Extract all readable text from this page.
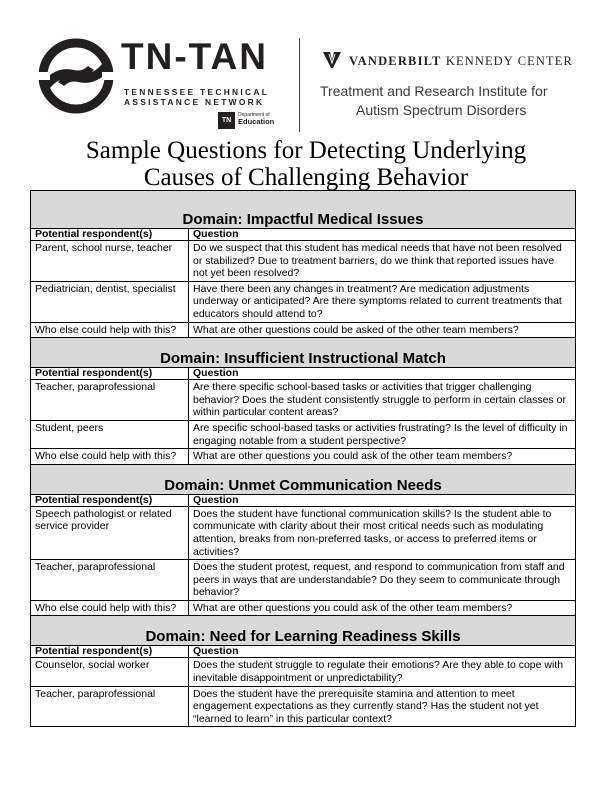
TN-TAN
TENNESSEE TECHNICAL
ASSISTANCE NETWORK
TN
Department of
Education
VANDERBILT KENNEDY CENTER
Treatment and Research Institute for
Autism Spectrum Disorders
Sample Questions for Detecting Underlying
Causes of Challenging Behavior
Domain: Impactful Medical Issues	
Potential respondent(s)	Question
Parent, school nurse, teacher	Do we suspect that this student has medical needs that have not been resolved or stabilized? Due to treatment barriers, do we think that reported issues have not yet been resolved?
Pediatrician, dentist, specialist	Have there been any changes in treatment? Are medication adjustments underway or anticipated? Are there symptoms related to current treatments that educators should attend to?
Who else could help with this?	What are other questions could be asked of the other team members?
Domain: Insufficient Instructional Match	
Potential respondent(s)	Question
Teacher, paraprofessional	Are there specific school-based tasks or activities that trigger challenging behavior? Does the student consistently struggle to perform in certain classes or within particular content areas?
Student, peers	Are specific school-based tasks or activities frustrating? Is the level of difficulty in engaging notable from a student perspective?
Who else could help with this?	What are other questions you could ask of the other team members?
Domain: Unmet Communication Needs	
Potential respondent(s)	Question
Speech pathologist or related service provider	Does the student have functional communication skills? Is the student able to communicate with clarity about their most critical needs such as modulating attention, breaks from non-preferred tasks, or access to preferred items or activities?
Teacher, paraprofessional	Does the student protest, request, and respond to communication from staff and peers in ways that are understandable? Do they seem to communicate through behavior?
Who else could help with this?	What are other questions you could ask of the other team members?
Domain: Need for Learning Readiness Skills	
Potential respondent(s)	Question
Counselor, social worker	Does the student struggle to regulate their emotions? Are they able to cope with inevitable disappointment or unpredictability?
Teacher, paraprofessional	Does the student have the prerequisite stamina and attention to meet engagement expectations as they currently stand? Has the student not yet “learned to learn” in this particular context?
